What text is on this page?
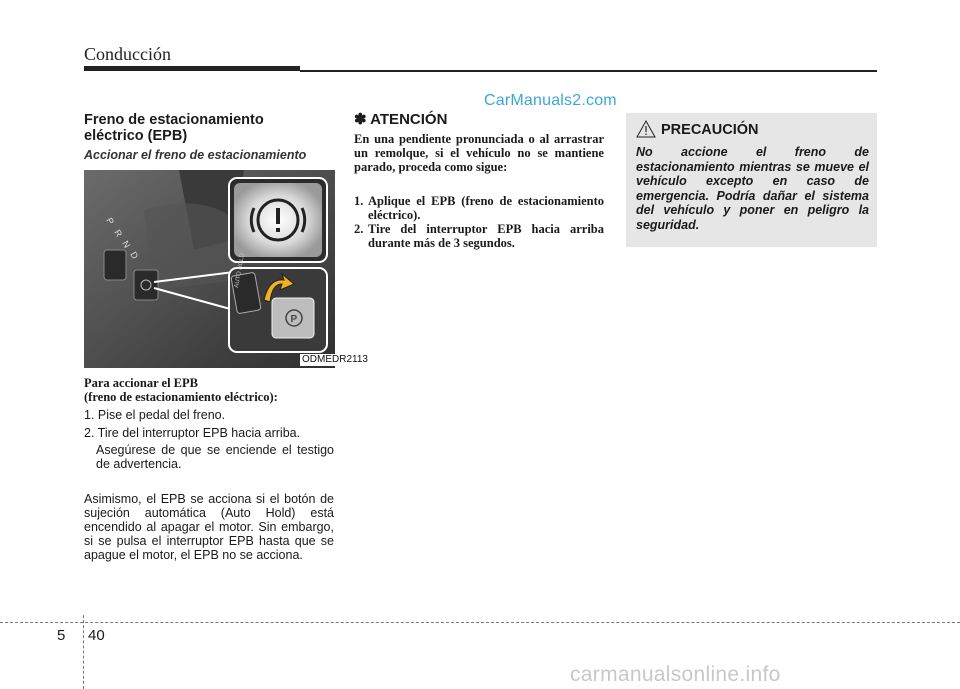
Conducción
CarManuals2.com
Freno de estacionamiento eléctrico (EPB)
Accionar el freno de estacionamiento
P
R
N
D	AUTO HOLD
P
ODMEDR2113
Para accionar el EPB
(freno de estacionamiento eléctrico):
1. Pise el pedal del freno.
2. Tire del interruptor EPB hacia arriba.
Asegúrese de que se enciende el testigo de advertencia.
Asimismo, el EPB se acciona si el botón de sujeción automática (Auto Hold) está encendido al apagar el motor. Sin embargo, si se pulsa el interruptor EPB hasta que se apague el motor, el EPB no se acciona.
✽ ATENCIÓN
En una pendiente pronunciada o al arrastrar un remolque, si el vehículo no se mantiene parado, proceda como sigue:
1. Aplique el EPB (freno de estacionamiento eléctrico).
2. Tire del interruptor EPB hacia arriba durante más de 3 segundos.
PRECAUCIÓN
No accione el freno de estacionamiento mientras se mueve el vehículo excepto en caso de emergencia. Podría dañar el sistema del vehículo y poner en peligro la seguridad.
5 40
carmanualsonline.info
